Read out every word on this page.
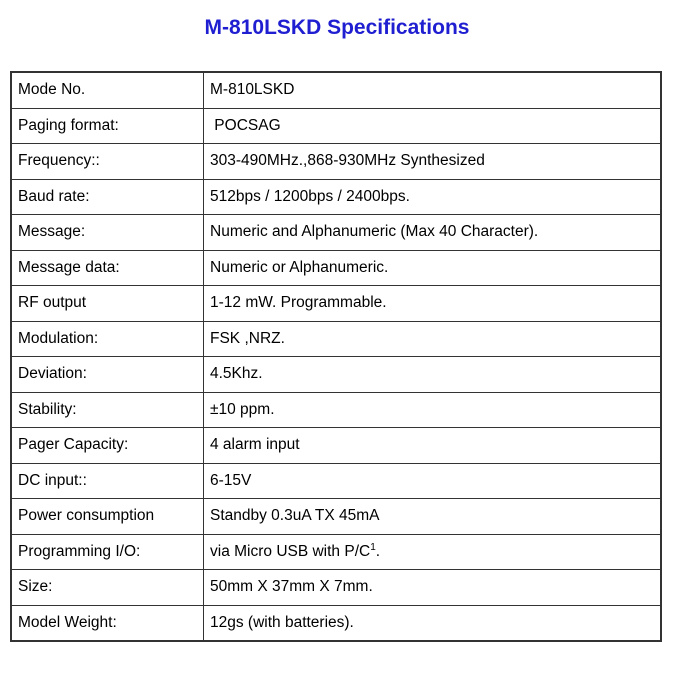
M-810LSKD Specifications
Mode No.	M-810LSKD
Paging format:	POCSAG
Frequency::	303-490MHz.,868-930MHz Synthesized
Baud rate:	512bps / 1200bps / 2400bps.
Message:	Numeric and Alphanumeric (Max 40 Character).
Message data:	Numeric or Alphanumeric.
RF output	1-12 mW. Programmable.
Modulation:	FSK ,NRZ.
Deviation:	4.5Khz.
Stability:	±10 ppm.
Pager Capacity:	4 alarm input
DC input::	6-15V
Power consumption	Standby 0.3uA TX 45mA
Programming I/O:	via Micro USB with $P/C^1$.
Size:	50mm X 37mm X 7mm.
Model Weight:	12gs (with batteries).
